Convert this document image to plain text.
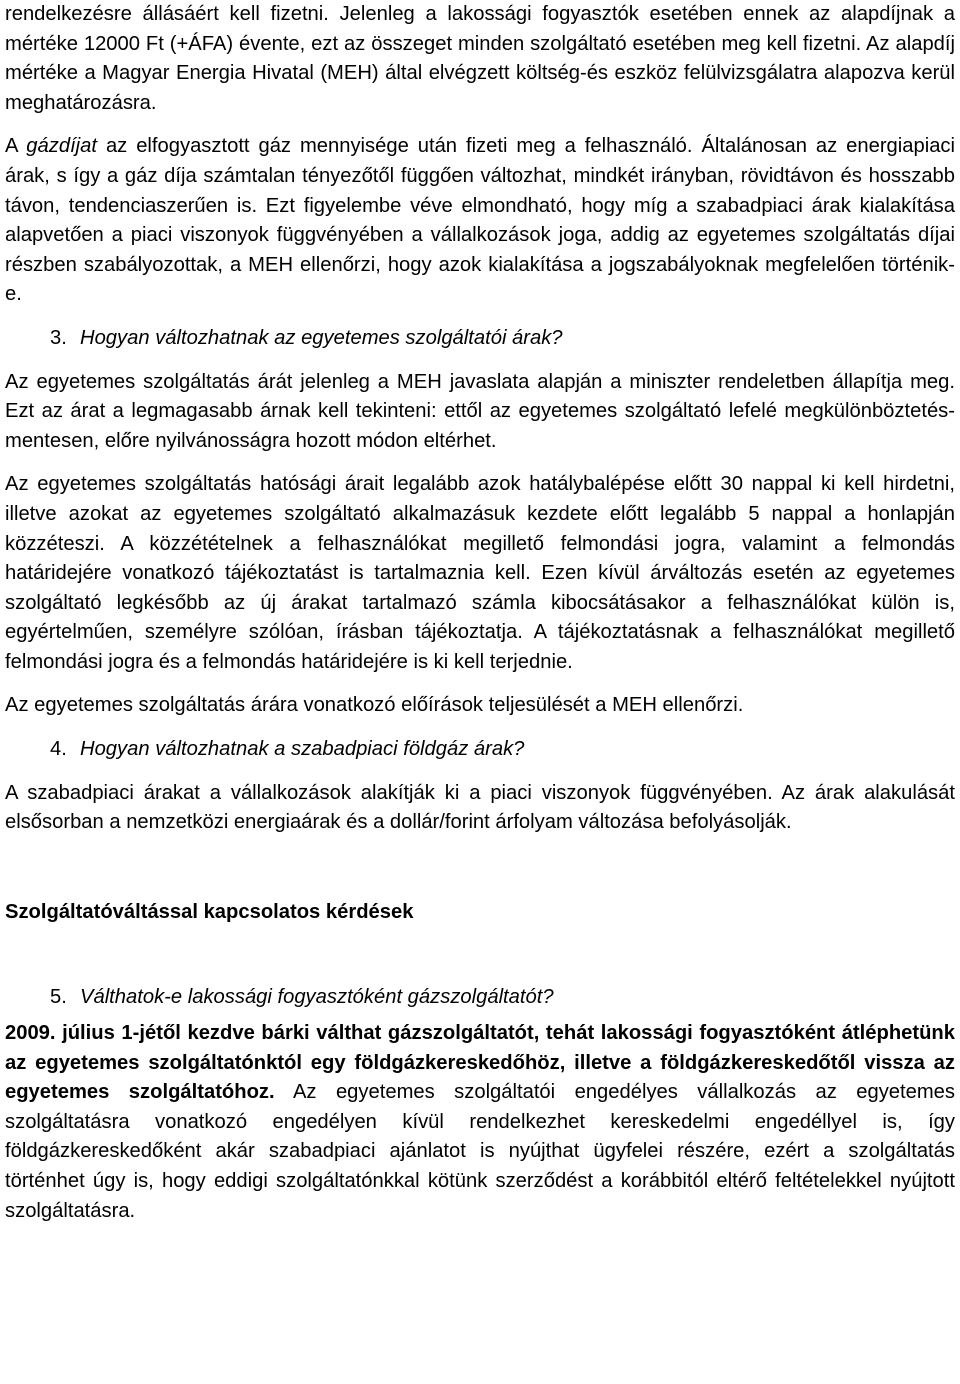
rendelkezésre állásáért kell fizetni. Jelenleg a lakossági fogyasztók esetében ennek az alapdíjnak a mértéke 12000 Ft (+ÁFA) évente, ezt az összeget minden szolgáltató esetében meg kell fizetni. Az alapdíj mértéke a Magyar Energia Hivatal (MEH) által elvégzett költség-és eszköz felülvizsgálatra alapozva kerül meghatározásra.

A gázdíjat az elfogyasztott gáz mennyisége után fizeti meg a felhasználó. Általánosan az energiapiaci árak, s így a gáz díja számtalan tényezőtől függően változhat, mindkét irányban, rövidtávon és hosszabb távon, tendenciaszerűen is. Ezt figyelembe véve elmondható, hogy míg a szabadpiaci árak kialakítása alapvetően a piaci viszonyok függvényében a vállalkozások joga, addig az egyetemes szolgáltatás díjai részben szabályozottak, a MEH ellenőrzi, hogy azok kialakítása a jogszabályoknak megfelelően történik-e.

3. Hogyan változhatnak az egyetemes szolgáltatói árak?

Az egyetemes szolgáltatás árát jelenleg a MEH javaslata alapján a miniszter rendeletben állapítja meg. Ezt az árat a legmagasabb árnak kell tekinteni: ettől az egyetemes szolgáltató lefelé megkülönböztetés-mentesen, előre nyilvánosságra hozott módon eltérhet.

Az egyetemes szolgáltatás hatósági árait legalább azok hatálybalépése előtt 30 nappal ki kell hirdetni, illetve azokat az egyetemes szolgáltató alkalmazásuk kezdete előtt legalább 5 nappal a honlapján közzéteszi. A közzétételnek a felhasználókat megillető felmondási jogra, valamint a felmondás határidejére vonatkozó tájékoztatást is tartalmaznia kell. Ezen kívül árváltozás esetén az egyetemes szolgáltató legkésőbb az új árakat tartalmazó számla kibocsátásakor a felhasználókat külön is, egyértelműen, személyre szólóan, írásban tájékoztatja. A tájékoztatásnak a felhasználókat megillető felmondási jogra és a felmondás határidejére is ki kell terjednie.

Az egyetemes szolgáltatás árára vonatkozó előírások teljesülését a MEH ellenőrzi.

4. Hogyan változhatnak a szabadpiaci földgáz árak?

A szabadpiaci árakat a vállalkozások alakítják ki a piaci viszonyok függvényében. Az árak alakulását elsősorban a nemzetközi energiaárak és a dollár/forint árfolyam változása befolyásolják.

Szolgáltatóváltással kapcsolatos kérdések

5. Válthatok-e lakossági fogyasztóként gázszolgáltatót?

2009. július 1-jétől kezdve bárki válthat gázszolgáltatót, tehát lakossági fogyasztóként átléphetünk az egyetemes szolgáltatónktól egy földgázkereskedőhöz, illetve a földgázkereskedőtől vissza az egyetemes szolgáltatóhoz. Az egyetemes szolgáltatói engedélyes vállalkozás az egyetemes szolgáltatásra vonatkozó engedélyen kívül rendelkezhet kereskedelmi engedéllyel is, így földgázkereskedőként akár szabadpiaci ajánlatot is nyújthat ügyfelei részére, ezért a szolgáltatás történhet úgy is, hogy eddigi szolgáltatónkkal kötünk szerződést a korábbitól eltérő feltételekkel nyújtott szolgáltatásra.
